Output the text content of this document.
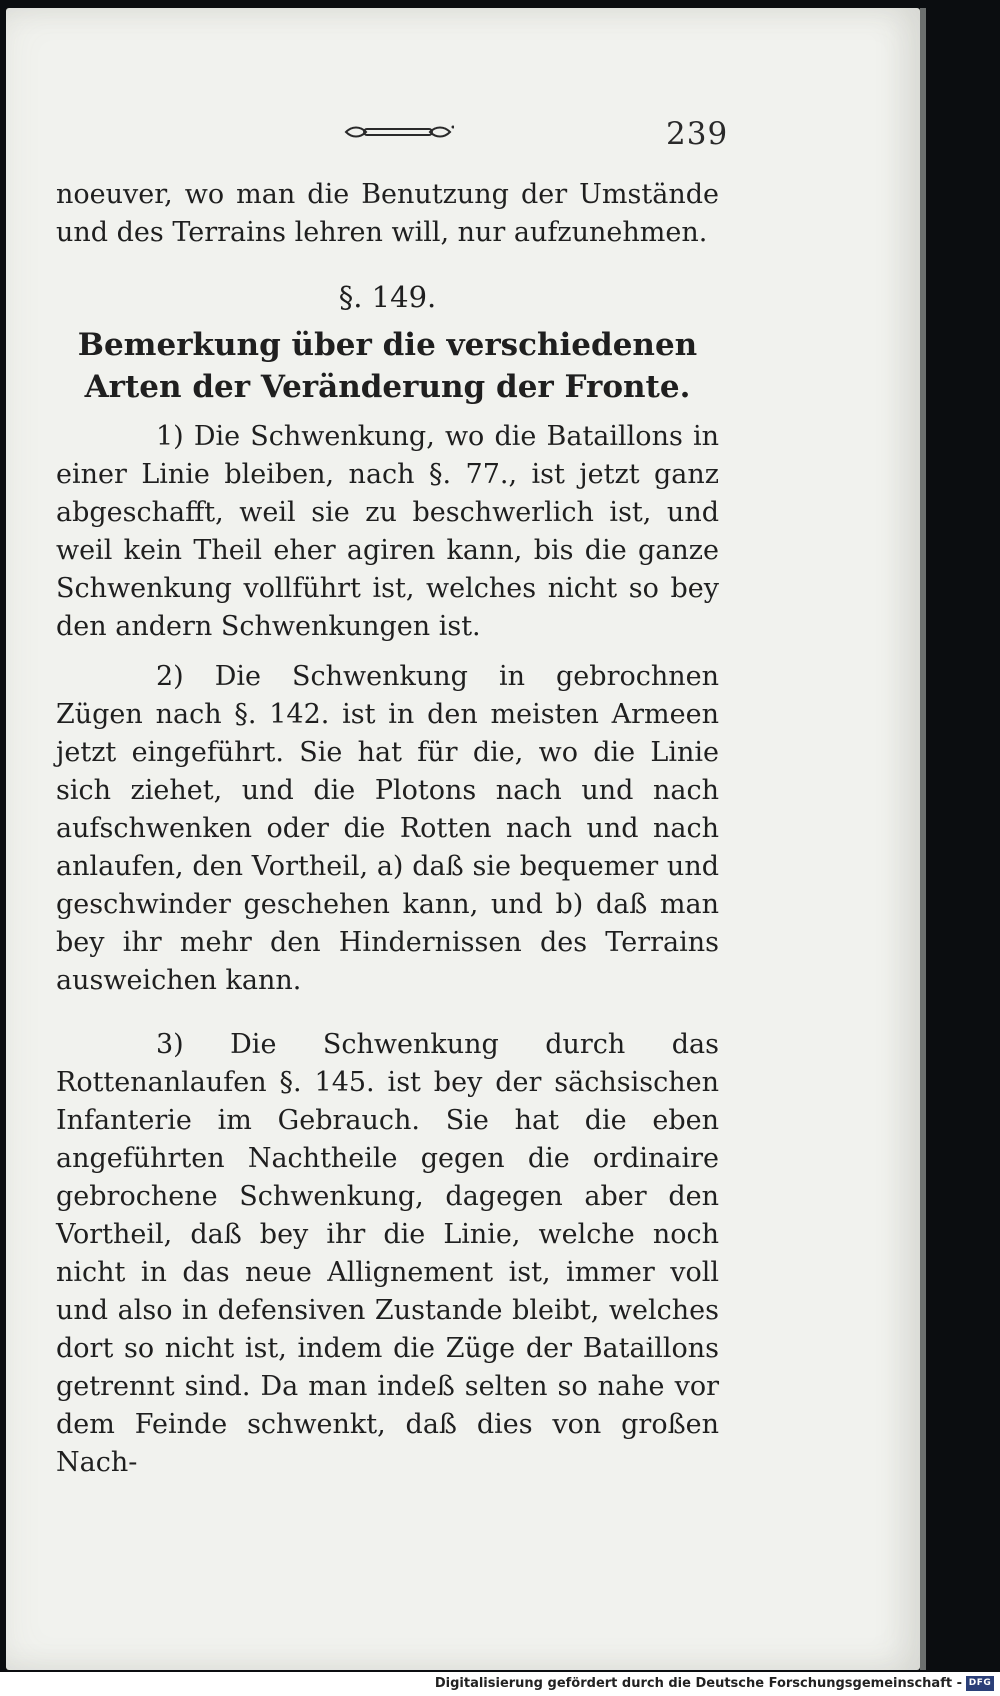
239

noeuver, wo man die Benutzung der Umstände und des Terrains lehren will, nur aufzunehmen.

§. 149.
Bemerkung über die verschiedenen Arten der Veränderung der Fronte.

1) Die Schwenkung, wo die Bataillons in einer Linie bleiben, nach §. 77., ist jetzt ganz abgeschafft, weil sie zu beschwerlich ist, und weil kein Theil eher agiren kann, bis die ganze Schwenkung vollführt ist, welches nicht so bey den andern Schwenkungen ist.

2) Die Schwenkung in gebrochnen Zügen nach §. 142. ist in den meisten Armeen jetzt eingeführt. Sie hat für die, wo die Linie sich ziehet, und die Plotons nach und nach aufschwenken oder die Rotten nach und nach anlaufen, den Vortheil, a) daß sie bequemer und geschwinder geschehen kann, und b) daß man bey ihr mehr den Hindernissen des Terrains ausweichen kann.

3) Die Schwenkung durch das Rottenanlaufen §. 145. ist bey der sächsischen Infanterie im Gebrauch. Sie hat die eben angeführten Nachtheile gegen die ordinaire gebrochene Schwenkung, dagegen aber den Vortheil, daß bey ihr die Linie, welche noch nicht in das neue Allignement ist, immer voll und also in defensiven Zustande bleibt, welches dort so nicht ist, indem die Züge der Bataillons getrennt sind. Da man indeß selten so nahe vor dem Feinde schwenkt, daß dies von großen Nach-

Digitalisierung gefördert durch die Deutsche Forschungsgemeinschaft - DFG
